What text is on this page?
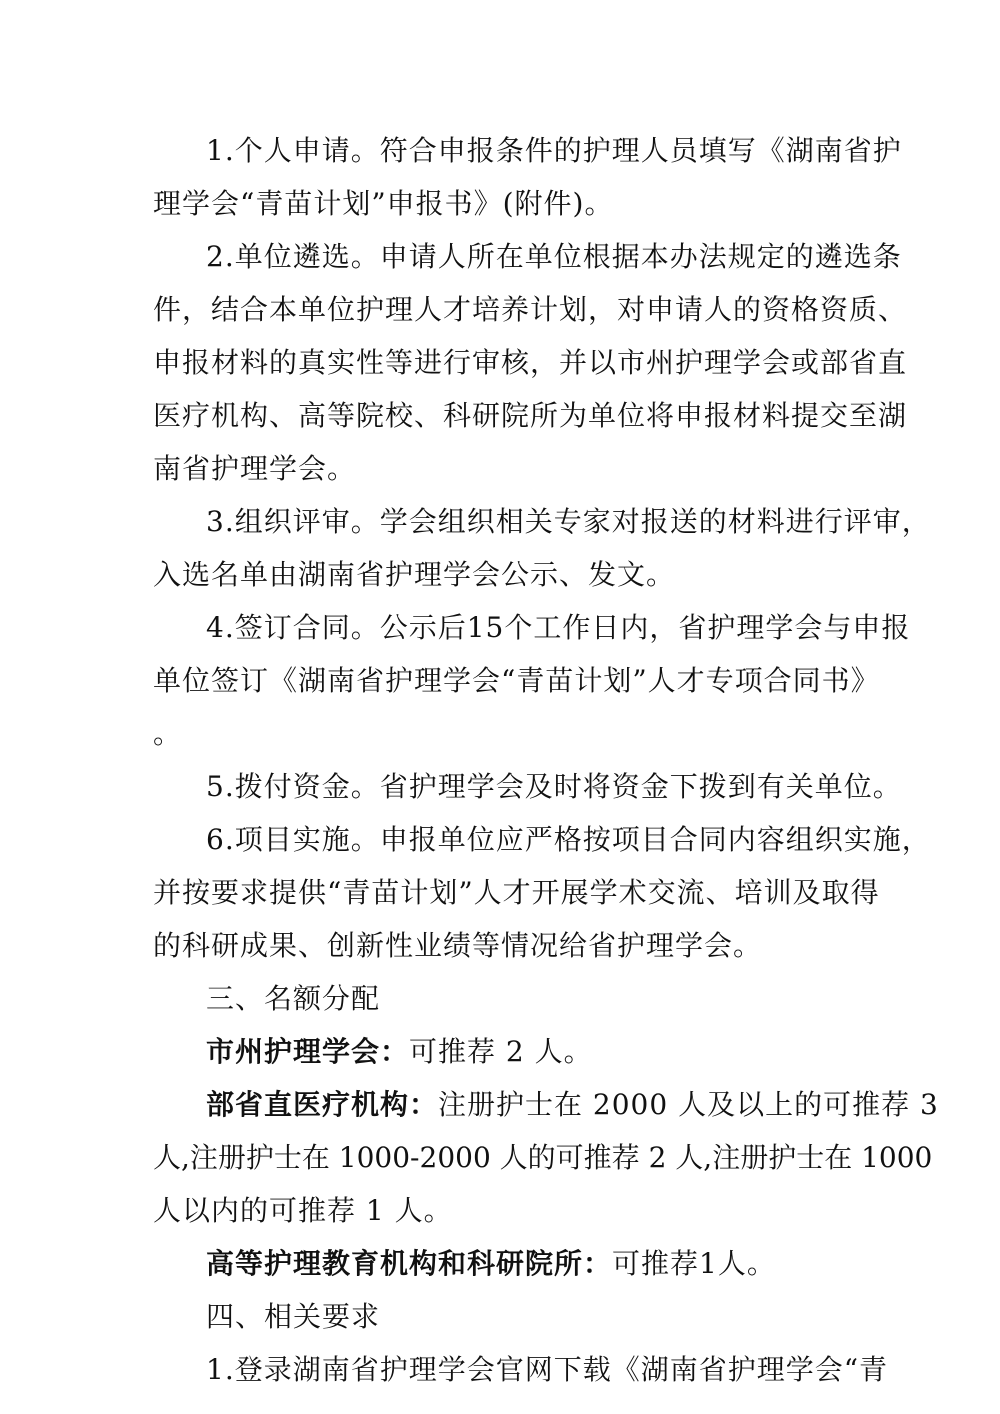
1.个人申请。符合申报条件的护理人员填写《湖南省护
理学会“青苗计划”申报书》(附件)。
2.单位遴选。申请人所在单位根据本办法规定的遴选条
件，结合本单位护理人才培养计划，对申请人的资格资质、
申报材料的真实性等进行审核，并以市州护理学会或部省直
医疗机构、高等院校、科研院所为单位将申报材料提交至湖
南省护理学会。
3.组织评审。学会组织相关专家对报送的材料进行评审，
入选名单由湖南省护理学会公示、发文。
4.签订合同。公示后15个工作日内，省护理学会与申报
单位签订《湖南省护理学会“青苗计划”人才专项合同书》
。
5.拨付资金。省护理学会及时将资金下拨到有关单位。
6.项目实施。申报单位应严格按项目合同内容组织实施，
并按要求提供“青苗计划”人才开展学术交流、培训及取得
的科研成果、创新性业绩等情况给省护理学会。
三、名额分配
市州护理学会：可推荐 2 人。
部省直医疗机构：注册护士在 2000 人及以上的可推荐 3
人,注册护士在 1000-2000 人的可推荐 2 人,注册护士在 1000
人以内的可推荐 1 人。
高等护理教育机构和科研院所：可推荐1人。
四、相关要求
1.登录湖南省护理学会官网下载《湖南省护理学会“青
